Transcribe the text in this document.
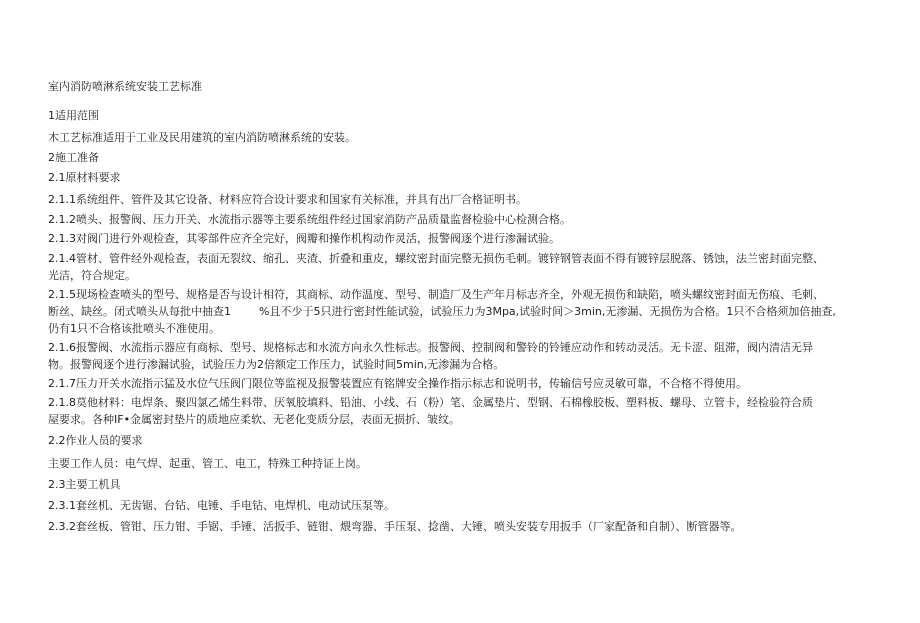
室内消防喷淋系统安装工艺标准
1适用范围
木工艺标准适用于工业及民用建筑的室内消防喷淋系统的安装。
2施工准备
2.1原材料要求
2.1.1系统组件、管件及其它设备、材料应符合设计要求和国家有关标准，并具有出厂合格证明书。
2.1.2喷头、报警阀、压力开关、水流指示器等主要系统组件经过国家消防产品质量监督检验中心检测合格。
2.1.3对阀门进行外观检查，其零部件应齐全完好，阀瓣和操作机构动作灵活，报警阀逐个进行渗漏试验。
2.1.4管材、管件经外观检查，表面无裂纹、缩孔、夹渣、折叠和重皮，螺纹密封面完整无损伤毛刺。镀锌钢管表面不得有镀锌层脱落、锈蚀，法兰密封面完整、
光洁，符合规定。
2.1.5现场检查喷头的型号、规格是否与设计相符，其商标、动作温度、型号、制造厂及生产年月标志齐全，外观无损伤和缺陷，喷头螺纹密封面无伤痕、毛刺、
断丝、缺丝。闭式喷头从每批中抽查1	%且不少于5只进行密封性能试验，试验压力为3Mpa,试验时间＞3min,无渗漏、无损伤为合格。1只不合格须加倍抽查,
仍有1只不合格该批喷头不准使用。
2.1.6报警阀、水流指示器应有商标、型号、规格标志和水流方向永久性标志。报警阀、控制阀和警铃的铃锤应动作和转动灵活。无卡涩、阻滞，阀内清洁无异
物。报警阀逐个进行渗漏试验，试验压力为2倍额定工作压力，试验时间5min,无渗漏为合格。
2.1.7压力开关水流指示猛及水位气压阀门限位等监视及报警装置应有铭牌安全操作指示标志和说明书，传输信号应灵敏可靠，不合格不得使用。
2.1.8莫他材料：电焊条、聚四氯乙烯生料带、厌氧胶填料、铅油、小线、石（粉）笔、金属垫片、型钢、石棉橡胶板、塑料板、螺母、立管卡，经检验符合质
屋要求。各种IF•金属密封垫片的质地应柔软、无老化变质分层，表面无损折、皱纹。
2.2作业人员的要求
主要工作人员：电气焊、起重、管工、电工，特殊工种持证上岗。
2.3主要工机具
2.3.1套丝机、无齿锯、台钻、电锤、手电钻、电焊机、电动试压泵等。
2.3.2套丝板、管钳、压力钳、手锯、手锤、活扳手、链钳、煨弯器、手压泵、捻凿、大锤、喷头安装专用扳手（厂家配备和自制）、断管器等。
